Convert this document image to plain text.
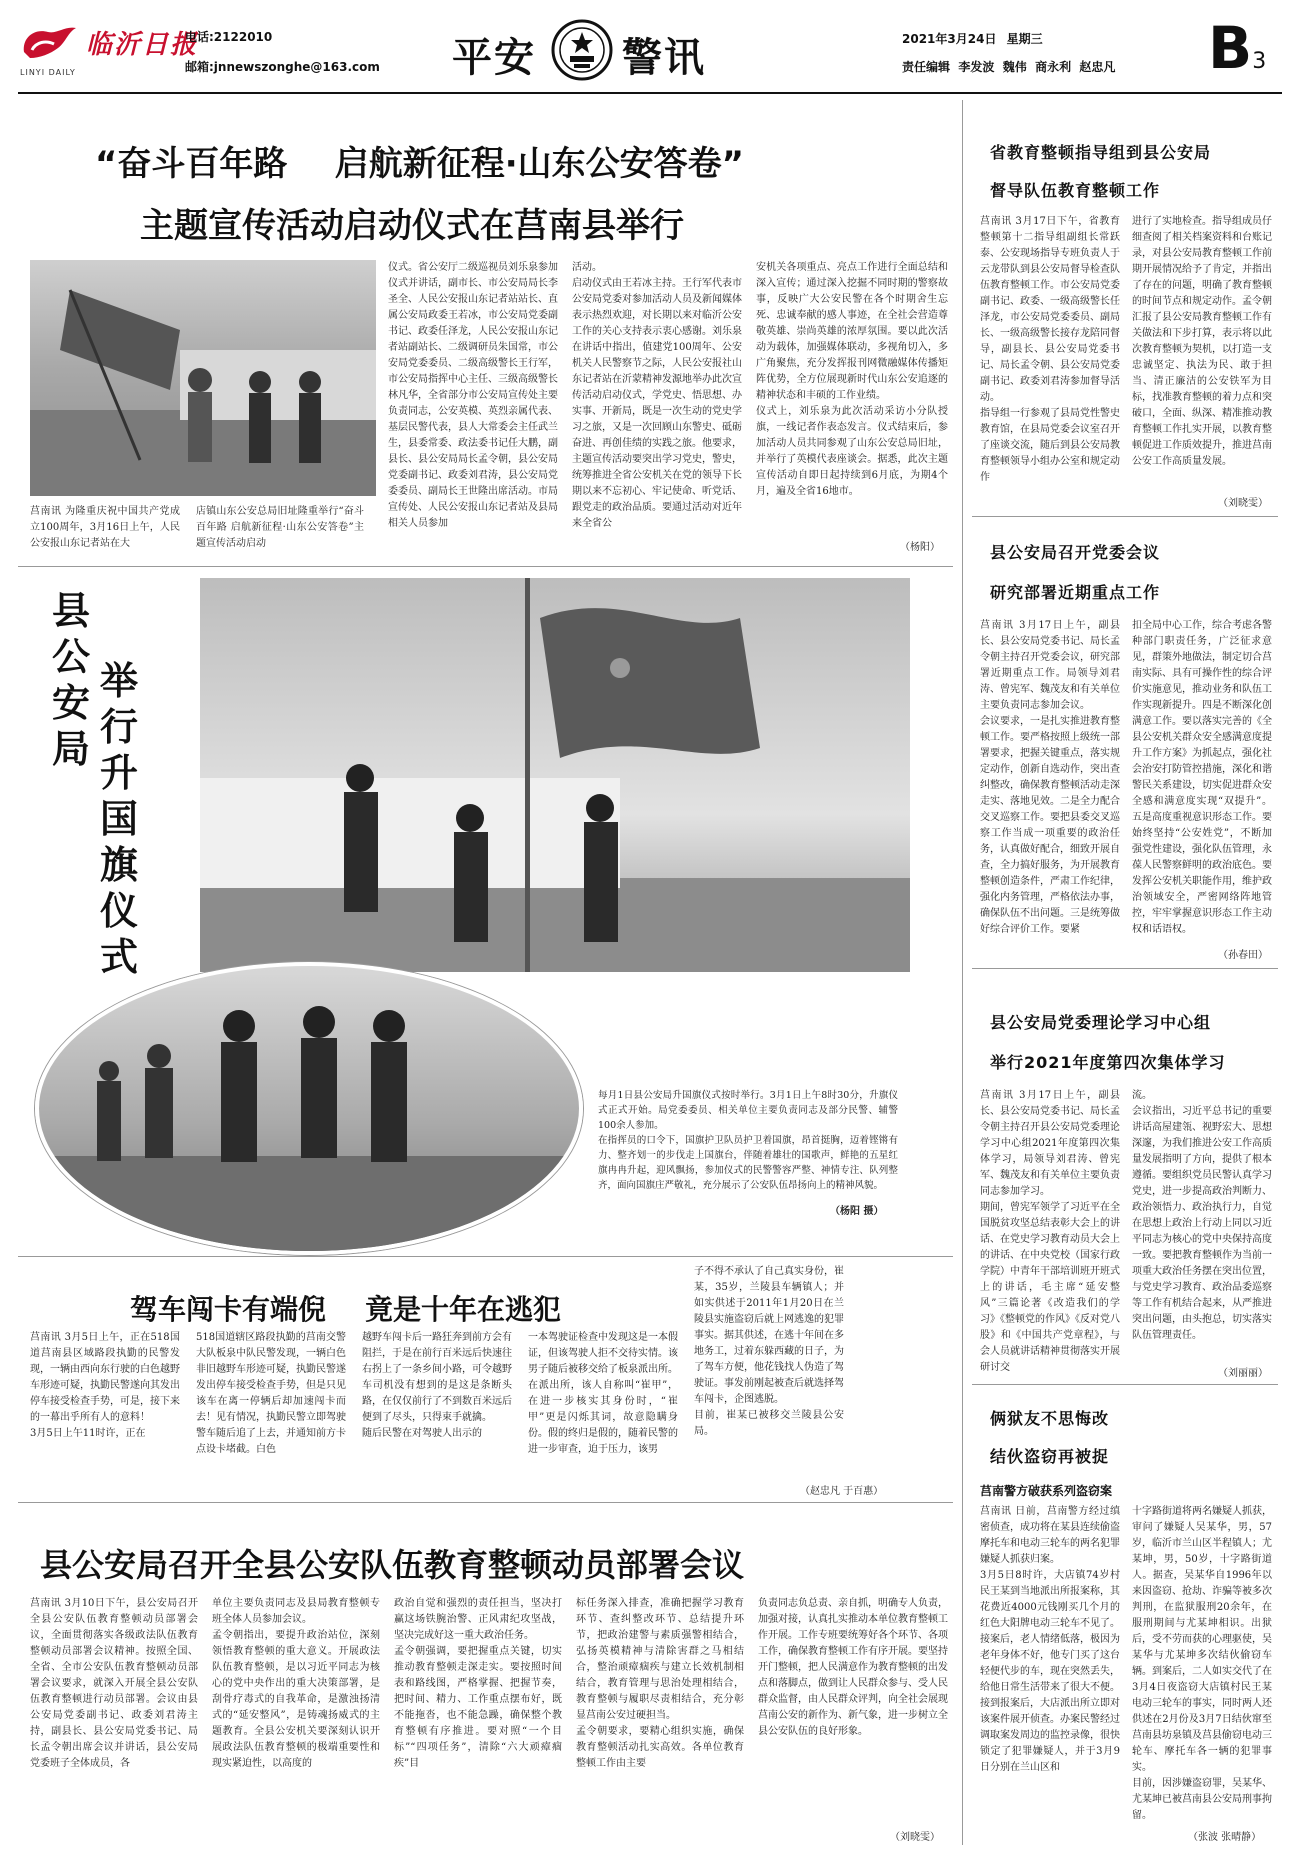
临沂日报
LINYI DAILY
电话:2122010
邮箱:jnnewszonghe@163.com 平安 警讯	2021年3月24日 星期三
责任编辑  李发波  魏伟  商永利  赵忠凡 B3
“奋斗百年路    启航新征程·山东公安答卷”
主题宣传活动启动仪式在莒南县举行
莒南讯 为隆重庆祝中国共产党成立100周年，3月16日上午，人民公安报山东记者站在大
店镇山东公安总局旧址隆重举行“奋斗百年路 启航新征程·山东公安答卷”主题宣传活动启动
仪式。省公安厅二级巡视员刘乐泉参加仪式并讲话，副市长、市公安局局长李圣全、人民公安报山东记者站站长、直属公安局政委王若冰，市公安局党委副书记、政委任泽龙，人民公安报山东记者站副站长、二级调研员朱国常，市公安局党委委员、二级高级警长王行军，市公安局指挥中心主任、三级高级警长林凡华，全省部分市公安局宣传处主要负责同志，公安英模、英烈亲属代表、基层民警代表，县人大常委会主任武兰生，县委常委、政法委书记任大鹏，副县长、县公安局局长孟令朝，县公安局党委副书记、政委刘君涛，县公安局党委委员、副局长王世隆出席活动。市局宣传处、人民公安报山东记者站及县局相关人员参加
活动。
启动仪式由王若冰主持。王行军代表市公安局党委对参加活动人员及新闻媒体表示热烈欢迎，对长期以来对临沂公安工作的关心支持表示衷心感谢。刘乐泉在讲话中指出，值建党100周年、公安机关人民警察节之际，人民公安报社山东记者站在沂蒙精神发源地举办此次宣传活动启动仪式，学党史、悟思想、办实事、开新局，既是一次生动的党史学习之旅，又是一次回顾山东警史、砥砺奋进、再创佳绩的实践之旅。他要求，主题宣传活动要突出学习党史，警史，统筹推进全省公安机关在党的领导下长期以来不忘初心、牢记使命、听党话、跟党走的政治品质。要通过活动对近年来全省公
安机关各项重点、亮点工作进行全面总结和深入宣传；通过深入挖掘不同时期的警察故事，反映广大公安民警在各个时期舍生忘死、忠诚奉献的感人事迹，在全社会营造尊敬英雄、崇尚英雄的浓厚氛围。要以此次活动为载体，加强媒体联动，多视角切入，多广角聚焦，充分发挥报刊网微融媒体传播矩阵优势，全方位展现新时代山东公安追逐的精神状态和丰硕的工作业绩。
仪式上，刘乐泉为此次活动采访小分队授旗，一线记者作表态发言。仪式结束后，参加活动人员共同参观了山东公安总局旧址，并举行了英模代表座谈会。据悉，此次主题宣传活动自即日起持续到6月底，为期4个月，遍及全省16地市。
（杨阳）
县公安局
举行升国旗仪式
每月1日县公安局升国旗仪式按时举行。3月1日上午8时30分，升旗仪式正式开始。局党委委员、相关单位主要负责同志及部分民警、辅警100余人参加。
在指挥员的口令下，国旗护卫队员护卫着国旗，昂首挺胸，迈着铿锵有力、整齐划一的步伐走上国旗台，伴随着雄壮的国歌声，鲜艳的五星红旗冉冉升起，迎风飘扬，参加仪式的民警警容严整、神情专注、队列整齐，面向国旗庄严敬礼，充分展示了公安队伍昂扬向上的精神风貌。
（杨阳 摄）
驾车闯卡有端倪    竟是十年在逃犯
莒南讯 3月5日上午，正在518国道莒南县区域路段执勤的民警发现，一辆由西向东行驶的白色越野车形迹可疑，执勤民警遂向其发出停车接受检查手势，可是，接下来的一幕出乎所有人的意料！
3月5日上午11时许，正在
518国道辖区路段执勤的莒南交警大队板泉中队民警发现，一辆白色非旧越野车形迹可疑，执勤民警遂发出停车接受检查手势，但是只见该车在离一停辆后却加速闯卡而去！见有情况，执勤民警立即驾驶警车随后追了上去，并通知前方卡点设卡堵截。白色
越野车闯卡后一路狂奔到前方会有阻拦，于是在前行百米远后快速往右拐上了一条乡间小路，可令越野车司机没有想到的是这是条断头路，在仅仅前行了不到数百米远后便到了尽头，只得束手就擒。
随后民警在对驾驶人出示的
一本驾驶证检查中发现这是一本假证，但该驾驶人拒不交待实情。该男子随后被移交给了板泉派出所。在派出所，该人自称叫“崔甲”，在进一步核实其身份时，“崔甲”更是闪烁其词，故意隐瞒身份。假的终归是假的，随着民警的进一步审查，迫于压力，该男
子不得不承认了自己真实身份，崔某，35岁，兰陵县车辆镇人；并如实供述于2011年1月20日在兰陵县实施盗窃后就上网逃逸的犯罪事实。据其供述，在逃十年间在多地务工，过着东躲西藏的日子，为了驾车方便，他花钱找人伪造了驾驶证。事发前刚起被查后就选择驾车闯卡，企图逃脱。
目前，崔某已被移交兰陵县公安局。
（赵忠凡 于百惠）
县公安局召开全县公安队伍教育整顿动员部署会议
莒南讯 3月10日下午，县公安局召开全县公安队伍教育整顿动员部署会议，全面贯彻落实各级政法队伍教育整顿动员部署会议精神。按照全国、全省、全市公安队伍教育整顿动员部署会议要求，就深入开展全县公安队伍教育整顿进行动员部署。会议由县公安局党委副书记、政委刘君涛主持，副县长、县公安局党委书记、局长孟令朝出席会议并讲话，县公安局党委班子全体成员，各
单位主要负责同志及县局教育整顿专班全体人员参加会议。
孟令朝指出，要提升政治站位，深刻领悟教育整顿的重大意义。开展政法队伍教育整顿，是以习近平同志为核心的党中央作出的重大决策部署，是刮骨疗毒式的自我革命，是激浊扬清式的“延安整风”，是铸魂扬威式的主题教育。全县公安机关要深刻认识开展政法队伍教育整顿的极端重要性和现实紧迫性，以高度的
政治自觉和强烈的责任担当，坚决打赢这场铁腕治警、正风肃纪攻坚战，坚决完成好这一重大政治任务。
孟令朝强调，要把握重点关键，切实推动教育整顿走深走实。要按照时间表和路线图，严格掌握、把握节奏，把时间、精力、工作重点摆布好，既不能拖沓，也不能急躁，确保整个教育整顿有序推进。要对照“一个目标”“四项任务”，清除“六大顽瘴痼疾”目
标任务深入排查，准确把握学习教育环节、查纠整改环节、总结提升环节，把政治建警与素质强警相结合，弘扬英模精神与清除害群之马相结合，整治顽瘴痼疾与建立长效机制相结合，教育管理与思治处理相结合，教育整顿与履职尽责相结合，充分彰显莒南公安过硬担当。
孟令朝要求，要精心组织实施，确保教育整顿活动扎实高效。各单位教育整顿工作由主要
负责同志负总责、亲自抓，明确专人负责，加强对接，认真扎实推动本单位教育整顿工作开展。工作专班要统筹好各个环节、各项工作，确保教育整顿工作有序开展。要坚持开门整顿，把人民满意作为教育整顿的出发点和落脚点，做到让人民群众参与、受人民群众监督，由人民群众评判，向全社会展现莒南公安的新作为、新气象，进一步树立全县公安队伍的良好形象。
（刘晓雯）
省教育整顿指导组到县公安局
督导队伍教育整顿工作
莒南讯 3月17日下午，省教育整顿第十二指导组副组长常跃泰、公安现场指导专班负责人于云龙带队到县公安局督导检查队伍教育整顿工作。市公安局党委副书记、政委、一级高级警长任泽龙，市公安局党委委员、副局长、一级高级警长接存龙陪同督导，副县长、县公安局党委书记、局长孟令朝、县公安局党委副书记、政委刘君涛参加督导活动。
指导组一行参观了县局党性警史教育馆，在县局党委会议室召开了座谈交流，随后到县公安局教育整顿领导小组办公室和规定动作
进行了实地检查。指导组成员仔细查阅了相关档案资料和台账记录，对县公安局教育整顿工作前期开展情况给予了肯定，并指出了存在的问题，明确了教育整顿的时间节点和规定动作。孟令朝汇报了县公安局教育整顿工作有关做法和下步打算，表示将以此次教育整顿为契机，以打造一支忠诚坚定、执法为民、敢于担当、清正廉洁的公安铁军为目标，找准教育整顿的着力点和突破口，全面、纵深、精准推动教育整顿工作扎实开展，以教育整顿促进工作质效提升，推进莒南公安工作高质量发展。
（刘晓雯）
县公安局召开党委会议
研究部署近期重点工作
莒南讯 3月17日上午，副县长、县公安局党委书记、局长孟令朝主持召开党委会议，研究部署近期重点工作。局领导刘君涛、曾宪军、魏茂友和有关单位主要负责同志参加会议。
会议要求，一是扎实推进教育整顿工作。要严格按照上级统一部署要求，把握关键重点，落实规定动作，创新自选动作，突出查纠整改，确保教育整顿活动走深走实、落地见效。二是全力配合交叉巡察工作。要把县委交叉巡察工作当成一项重要的政治任务，认真做好配合，细致开展自查，全力搞好服务，为开展教育整顿创造条件，严肃工作纪律，强化内务管理，严格依法办事，确保队伍不出问题。三是统筹做好综合评价工作。要紧
扣全局中心工作，综合考虑各警种部门职责任务，广泛征求意见，群策外地做法，制定切合莒南实际、具有可操作性的综合评价实施意见，推动业务和队伍工作实现新提升。四是不断深化创满意工作。要以落实完善的《全县公安机关群众安全感满意度提升工作方案》为抓起点，强化社会治安打防管控措施，深化和谐警民关系建设，切实促进群众安全感和满意度实现“双提升”。五是高度重视意识形态工作。要始终坚持“公安姓党”，不断加强党性建设，强化队伍管理，永葆人民警察鲜明的政治底色。要发挥公安机关职能作用，维护政治领域安全，严密网络阵地管控，牢牢掌握意识形态工作主动权和话语权。
（孙春田）
县公安局党委理论学习中心组
举行2021年度第四次集体学习
莒南讯 3月17日上午，副县长、县公安局党委书记、局长孟令朝主持召开县公安局党委理论学习中心组2021年度第四次集体学习，局领导刘君涛、曾宪军、魏茂友和有关单位主要负责同志参加学习。
期间，曾宪军领学了习近平在全国脱贫攻坚总结表彰大会上的讲话、在党史学习教育动员大会上的讲话、在中央党校（国家行政学院）中青年干部培训班开班式上的讲话，毛主席“延安整风”三篇论著《改造我们的学习》《整顿党的作风》《反对党八股》和《中国共产党章程》，与会人员就讲话精神贯彻落实开展研讨交
流。
会议指出，习近平总书记的重要讲话高屋建瓴、视野宏大、思想深邃，为我们推进公安工作高质量发展指明了方向，提供了根本遵循。要组织党员民警认真学习党史，进一步提高政治判断力、政治领悟力、政治执行力，自觉在思想上政治上行动上同以习近平同志为核心的党中央保持高度一致。要把教育整顿作为当前一项重大政治任务摆在突出位置，与党史学习教育、政治品委巡察等工作有机结合起来，从严推进突出问题，由头抱总，切实落实队伍管理责任。
（刘丽丽）
俩狱友不思悔改
结伙盗窃再被捉
莒南警方破获系列盗窃案
莒南讯 日前，莒南警方经过缜密侦查，成功将在某县连续偷盗摩托车和电动三轮车的两名犯罪嫌疑人抓获归案。
3月5日8时许，大店镇74岁村民王某到当地派出所报案称，其花费近4000元钱刚买几个月的红色大阳牌电动三轮车不见了。接案后，老人情绪低落，极因为老年身体不好，他专门买了这台轻便代步的车，现在突然丢失，给他日常生活带来了很大不便。接到报案后，大店派出所立即对该案件展开侦查。办案民警经过调取案发周边的监控录像，很快锁定了犯罪嫌疑人，并于3月9日分别在兰山区和
十字路街道将两名嫌疑人抓获，审问了嫌疑人吴某华，男，57岁，临沂市兰山区半程镇人；尤某坤，男，50岁，十字路街道人。据查，吴某华自1996年以来因盗窃、抢劫、诈骗等被多次判刑，在监狱服刑20余年，在服刑期间与尤某坤相识。出狱后，受不劳而获的心理驱使，吴某华与尤某坤多次结伙偷窃车辆。到案后，二人如实交代了在3月4日夜盗窃大店镇村民王某电动三轮车的事实，同时两人还供述在2月份及3月7日结伙窜至莒南县坊泉镇及莒县偷窃电动三轮车、摩托车各一辆的犯罪事实。
目前，因涉嫌盗窃罪，吴某华、尤某坤已被莒南县公安局刑事拘留。
（张波 张晴静）
